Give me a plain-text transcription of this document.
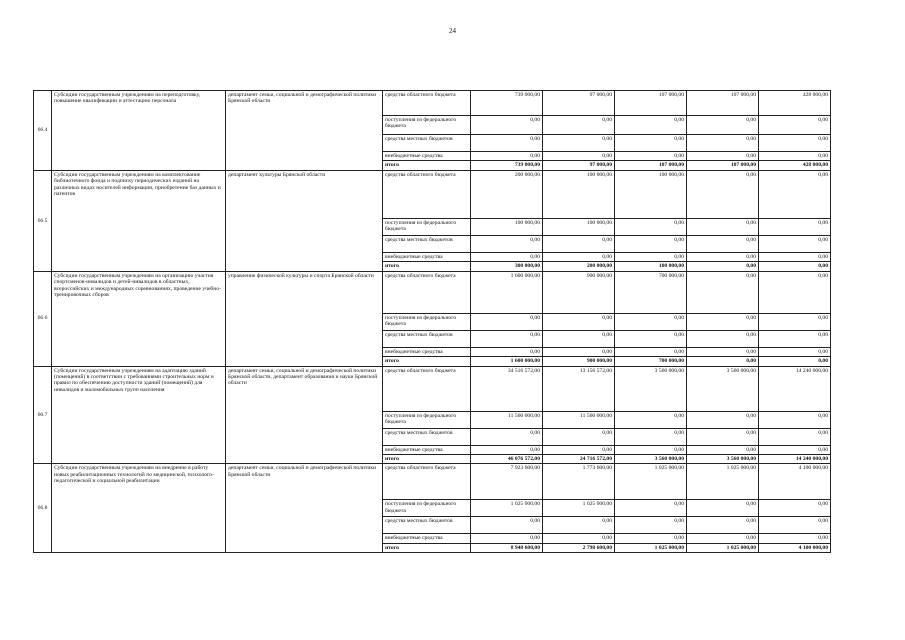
24
66.4	Субсидии государственным учреждениям на переподготовку, повышение квалификации и аттестацию персонала	департамент семьи, социальной и демографической политики Брянской области	средства областного бюджета	739 000,00	97 000,00	107 000,00	107 000,00	428 000,00
			поступления из федерального бюджета	0,00	0,00	0,00	0,00	0,00
			средства местных бюджетов	0,00	0,00	0,00	0,00	0,00
			внебюджетные средства	0,00	0,00	0,00	0,00	0,00
			итого	739 000,00	97 000,00	107 000,00	107 000,00	428 000,00
66.5	Субсидии государственным учреждениям на комплектование библиотечного фонда и подписку периодических изданий на различных видах носителей информации, приобретение баз данных и патентов	департамент культуры Брянской области	средства областного бюджета	200 000,00	100 000,00	100 000,00	0,00	0,00
			поступления из федерального бюджета	100 000,00	100 000,00	0,00	0,00	0,00
			средства местных бюджетов	0,00	0,00	0,00	0,00	0,00
			внебюджетные средства	0,00	0,00	0,00	0,00	0,00
			итого	300 000,00	200 000,00	100 000,00	0,00	0,00
66.6	Субсидии государственным учреждениям на организацию участия спортсменов-инвалидов и детей-инвалидов в областных, всероссийских и международных соревнованиях, проведение учебно-тренировочных сборов	управление физической культуры и спорта Брянской области	средства областного бюджета	1 600 000,00	900 000,00	700 000,00	0,00	0,00
			поступления из федерального бюджета	0,00	0,00	0,00	0,00	0,00
			средства местных бюджетов	0,00	0,00	0,00	0,00	0,00
			внебюджетные средства	0,00	0,00	0,00	0,00	0,00
			итого	1 600 000,00	900 000,00	700 000,00	0,00	0,00
66.7	Субсидии государственным учреждениям на адаптацию зданий (помещений) в соответствии с требованиями строительных норм и правил по обеспечению доступности зданий (помещений) для инвалидов и маломобильных групп населения	департамент семьи, социальной и демографической политики Брянской области, департамент образования и науки Брянской области	средства областного бюджета	34 516 572,00	13 156 572,00	3 560 000,00	3 560 000,00	14 240 000,00
			поступления из федерального бюджета	11 560 000,00	11 560 000,00	0,00	0,00	0,00
			средства местных бюджетов	0,00	0,00	0,00	0,00	0,00
			внебюджетные средства	0,00	0,00	0,00	0,00	0,00
			итого	46 076 572,00	24 716 572,00	3 560 000,00	3 560 000,00	14 240 000,00
66.8	Субсидии государственным учреждениям на внедрение в работу новых реабилитационных технологий по медицинской, психолого-педагогической и социальной реабилитации	департамент семьи, социальной и демографической политики Брянской области	средства областного бюджета	7 923 600,00	1 773 600,00	1 025 000,00	1 025 000,00	4 100 000,00
			поступления из федерального бюджета	1 025 000,00	1 025 000,00	0,00	0,00	0,00
			средства местных бюджетов	0,00	0,00	0,00	0,00	0,00
			внебюджетные средства	0,00	0,00	0,00	0,00	0,00
			итого	8 948 600,00	2 798 600,00	1 025 000,00	1 025 000,00	4 100 000,00
